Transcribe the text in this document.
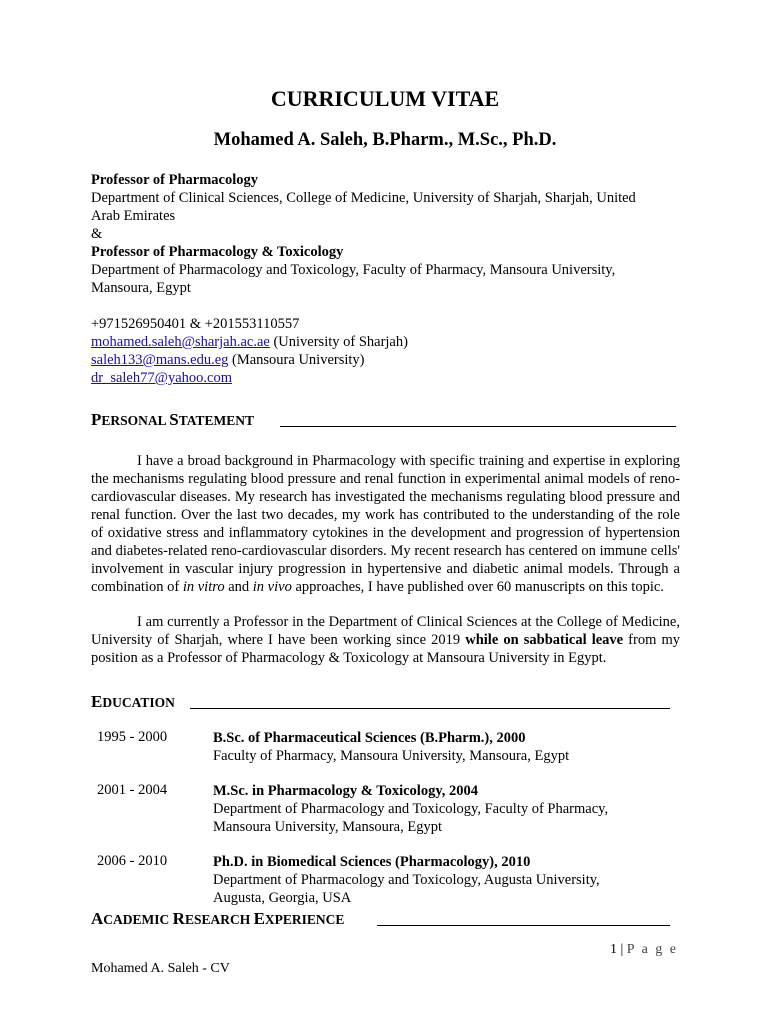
CURRICULUM VITAE
Mohamed A. Saleh, B.Pharm., M.Sc., Ph.D.
Professor of Pharmacology
Department of Clinical Sciences, College of Medicine, University of Sharjah, Sharjah, United
Arab Emirates
&
Professor of Pharmacology & Toxicology
Department of Pharmacology and Toxicology, Faculty of Pharmacy, Mansoura University,
Mansoura, Egypt
+971526950401 & +201553110557
mohamed.saleh@sharjah.ac.ae (University of Sharjah)
saleh133@mans.edu.eg (Mansoura University)
dr_saleh77@yahoo.com
PERSONAL STATEMENT
I have a broad background in Pharmacology with specific training and expertise in exploring the mechanisms regulating blood pressure and renal function in experimental animal models of reno-cardiovascular diseases. My research has investigated the mechanisms regulating blood pressure and renal function. Over the last two decades, my work has contributed to the understanding of the role of oxidative stress and inflammatory cytokines in the development and progression of hypertension and diabetes-related reno-cardiovascular disorders. My recent research has centered on immune cells' involvement in vascular injury progression in hypertensive and diabetic animal models. Through a combination of in vitro and in vivo approaches, I have published over 60 manuscripts on this topic.
I am currently a Professor in the Department of Clinical Sciences at the College of Medicine, University of Sharjah, where I have been working since 2019 while on sabbatical leave from my position as a Professor of Pharmacology & Toxicology at Mansoura University in Egypt.
EDUCATION
1995 - 2000	B.Sc. of Pharmaceutical Sciences (B.Pharm.), 2000
Faculty of Pharmacy, Mansoura University, Mansoura, Egypt
2001 - 2004	M.Sc. in Pharmacology & Toxicology, 2004
Department of Pharmacology and Toxicology, Faculty of Pharmacy,
Mansoura University, Mansoura, Egypt
2006 - 2010	Ph.D. in Biomedical Sciences (Pharmacology), 2010
Department of Pharmacology and Toxicology, Augusta University,
Augusta, Georgia, USA
ACADEMIC RESEARCH EXPERIENCE
1 | P a g e
Mohamed A. Saleh - CV
